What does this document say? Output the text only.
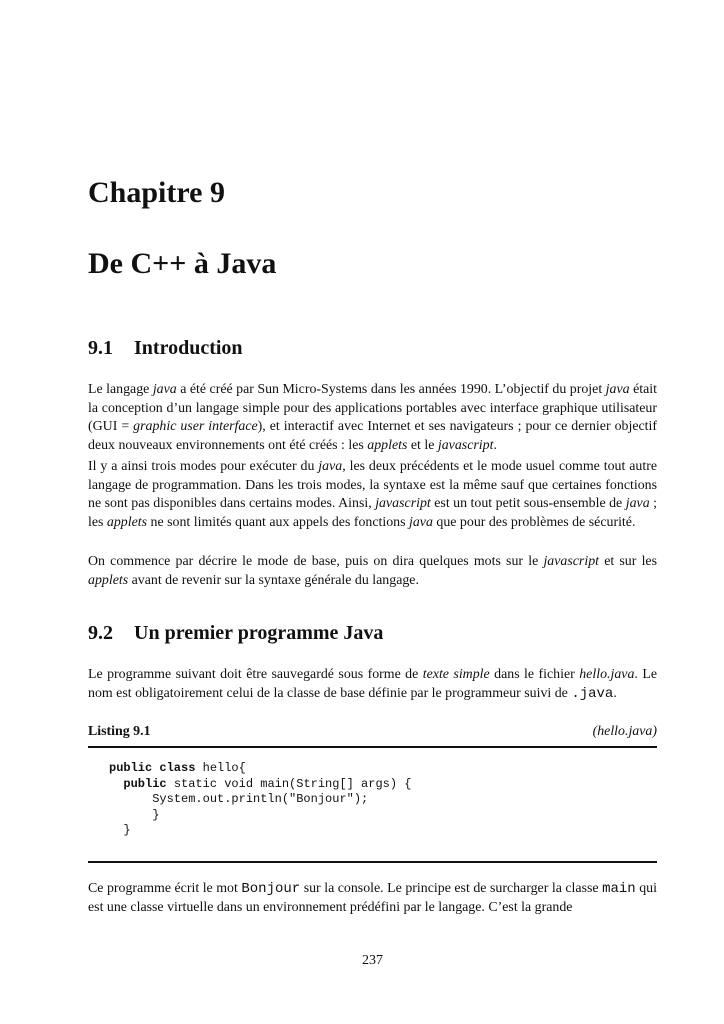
Chapitre 9
De C++ à Java
9.1 Introduction

Le langage java a été créé par Sun Micro-Systems dans les années 1990. L’objectif du projet java était la conception d’un langage simple pour des applications portables avec interface graphique utilisateur (GUI = graphic user interface), et interactif avec Internet et ses navigateurs ; pour ce dernier objectif deux nouveaux environnements ont été créés : les applets et le javascript.

Il y a ainsi trois modes pour exécuter du java, les deux précédents et le mode usuel comme tout autre langage de programmation. Dans les trois modes, la syntaxe est la même sauf que certaines fonctions ne sont pas disponibles dans certains modes. Ainsi, javascript est un tout petit sous-ensemble de java ; les applets ne sont limités quant aux appels des fonctions java que pour des problèmes de sécurité.

On commence par décrire le mode de base, puis on dira quelques mots sur le javascript et sur les applets avant de revenir sur la syntaxe générale du langage.

9.2 Un premier programme Java

Le programme suivant doit être sauvegardé sous forme de texte simple dans le fichier hello.java. Le nom est obligatoirement celui de la classe de base définie par le programmeur suivi de .java.

Listing 9.1	(hello.java)
public class hello{
public static void main(String[] args) {
System.out.println("Bonjour");
}
}

Ce programme écrit le mot Bonjour sur la console. Le principe est de surcharger la classe main qui est une classe virtuelle dans un environnement prédéfini par le langage. C’est la grande

237
